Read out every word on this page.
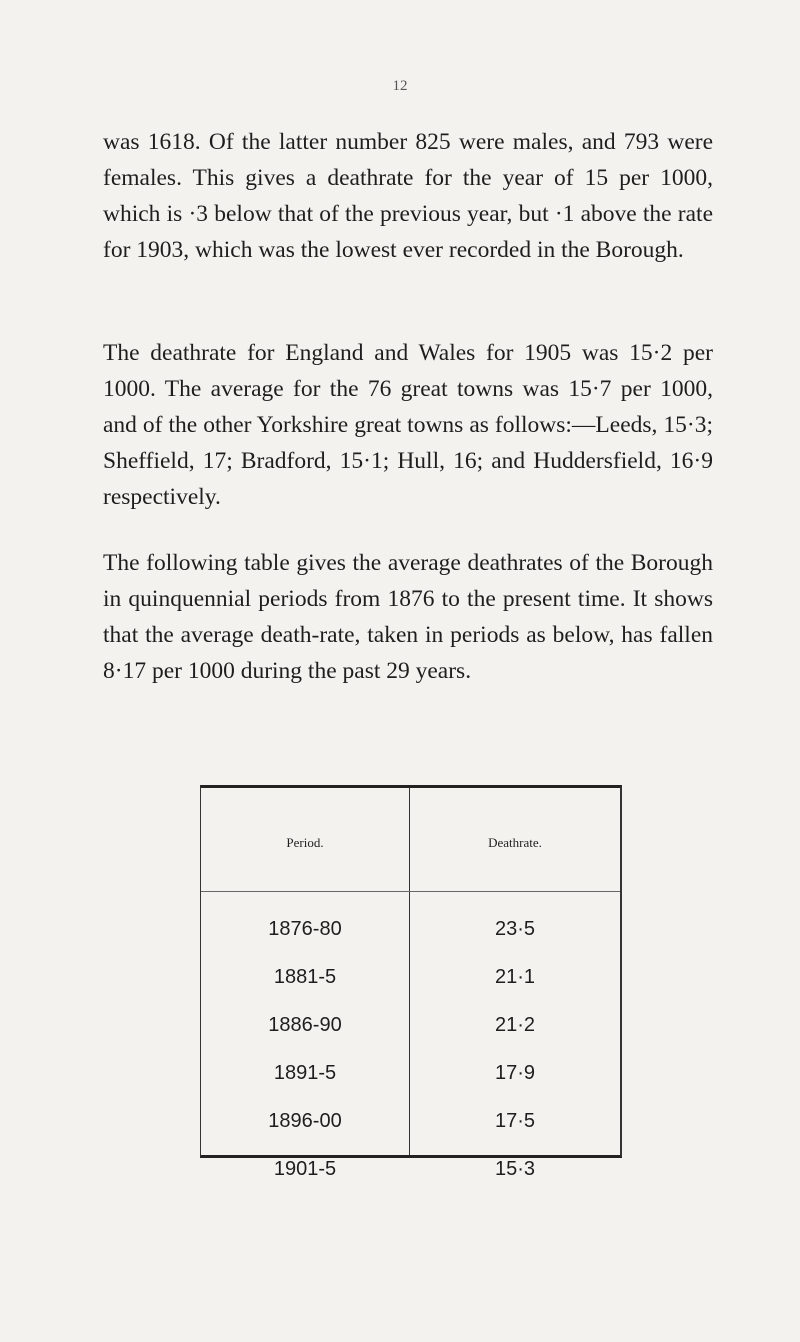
12

was 1618. Of the latter number 825 were males, and 793 were females. This gives a deathrate for the year of 15 per 1000, which is ·3 below that of the previous year, but ·1 above the rate for 1903, which was the lowest ever recorded in the Borough.

The deathrate for England and Wales for 1905 was 15·2 per 1000. The average for the 76 great towns was 15·7 per 1000, and of the other Yorkshire great towns as follows:—Leeds, 15·3; Sheffield, 17; Bradford, 15·1; Hull, 16; and Huddersfield, 16·9 respectively.

The following table gives the average deathrates of the Borough in quinquennial periods from 1876 to the present time. It shows that the average death-rate, taken in periods as below, has fallen 8·17 per 1000 during the past 29 years.

Period.	Deathrate.
1876-80	23·5
1881-5	21·1
1886-90	21·2
1891-5	17·9
1896-00	17·5
1901-5	15·3
